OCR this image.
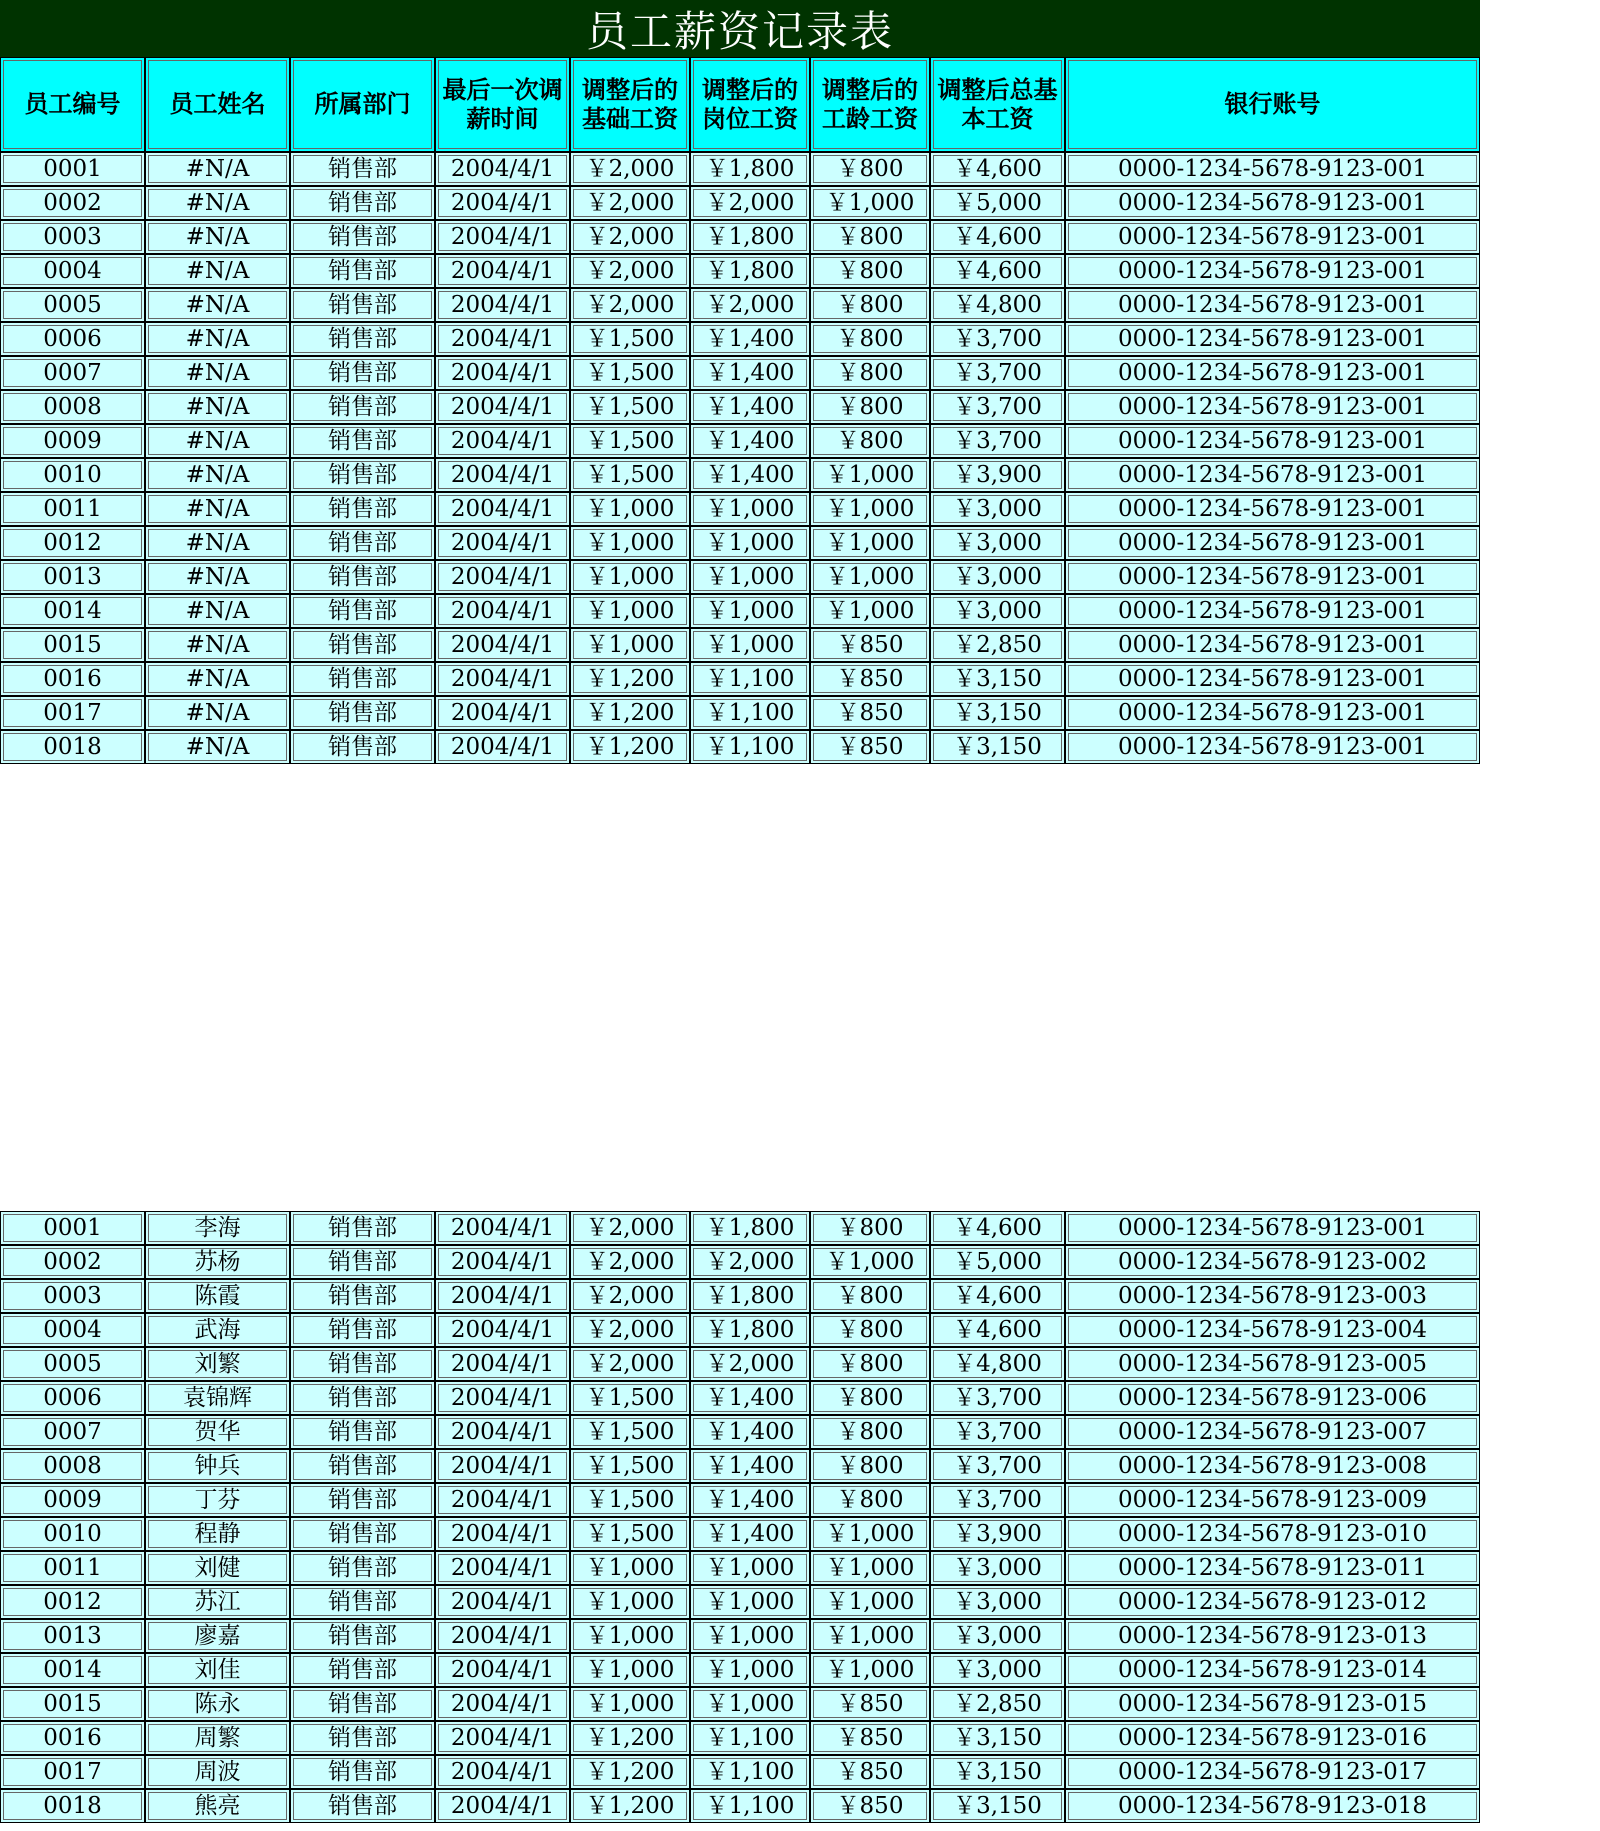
员工薪资记录表
员工编号	员工姓名	所属部门	最后一次调薪时间	调整后的基础工资	调整后的岗位工资	调整后的工龄工资	调整后总基本工资	银行账号
0001	#N/A	销售部	2004/4/1	￥2,000	￥1,800	￥800	￥4,600	0000-1234-5678-9123-001
0002	#N/A	销售部	2004/4/1	￥2,000	￥2,000	￥1,000	￥5,000	0000-1234-5678-9123-001
0003	#N/A	销售部	2004/4/1	￥2,000	￥1,800	￥800	￥4,600	0000-1234-5678-9123-001
0004	#N/A	销售部	2004/4/1	￥2,000	￥1,800	￥800	￥4,600	0000-1234-5678-9123-001
0005	#N/A	销售部	2004/4/1	￥2,000	￥2,000	￥800	￥4,800	0000-1234-5678-9123-001
0006	#N/A	销售部	2004/4/1	￥1,500	￥1,400	￥800	￥3,700	0000-1234-5678-9123-001
0007	#N/A	销售部	2004/4/1	￥1,500	￥1,400	￥800	￥3,700	0000-1234-5678-9123-001
0008	#N/A	销售部	2004/4/1	￥1,500	￥1,400	￥800	￥3,700	0000-1234-5678-9123-001
0009	#N/A	销售部	2004/4/1	￥1,500	￥1,400	￥800	￥3,700	0000-1234-5678-9123-001
0010	#N/A	销售部	2004/4/1	￥1,500	￥1,400	￥1,000	￥3,900	0000-1234-5678-9123-001
0011	#N/A	销售部	2004/4/1	￥1,000	￥1,000	￥1,000	￥3,000	0000-1234-5678-9123-001
0012	#N/A	销售部	2004/4/1	￥1,000	￥1,000	￥1,000	￥3,000	0000-1234-5678-9123-001
0013	#N/A	销售部	2004/4/1	￥1,000	￥1,000	￥1,000	￥3,000	0000-1234-5678-9123-001
0014	#N/A	销售部	2004/4/1	￥1,000	￥1,000	￥1,000	￥3,000	0000-1234-5678-9123-001
0015	#N/A	销售部	2004/4/1	￥1,000	￥1,000	￥850	￥2,850	0000-1234-5678-9123-001
0016	#N/A	销售部	2004/4/1	￥1,200	￥1,100	￥850	￥3,150	0000-1234-5678-9123-001
0017	#N/A	销售部	2004/4/1	￥1,200	￥1,100	￥850	￥3,150	0000-1234-5678-9123-001
0018	#N/A	销售部	2004/4/1	￥1,200	￥1,100	￥850	￥3,150	0000-1234-5678-9123-001
0001	李海	销售部	2004/4/1	￥2,000	￥1,800	￥800	￥4,600	0000-1234-5678-9123-001
0002	苏杨	销售部	2004/4/1	￥2,000	￥2,000	￥1,000	￥5,000	0000-1234-5678-9123-002
0003	陈霞	销售部	2004/4/1	￥2,000	￥1,800	￥800	￥4,600	0000-1234-5678-9123-003
0004	武海	销售部	2004/4/1	￥2,000	￥1,800	￥800	￥4,600	0000-1234-5678-9123-004
0005	刘繁	销售部	2004/4/1	￥2,000	￥2,000	￥800	￥4,800	0000-1234-5678-9123-005
0006	袁锦辉	销售部	2004/4/1	￥1,500	￥1,400	￥800	￥3,700	0000-1234-5678-9123-006
0007	贺华	销售部	2004/4/1	￥1,500	￥1,400	￥800	￥3,700	0000-1234-5678-9123-007
0008	钟兵	销售部	2004/4/1	￥1,500	￥1,400	￥800	￥3,700	0000-1234-5678-9123-008
0009	丁芬	销售部	2004/4/1	￥1,500	￥1,400	￥800	￥3,700	0000-1234-5678-9123-009
0010	程静	销售部	2004/4/1	￥1,500	￥1,400	￥1,000	￥3,900	0000-1234-5678-9123-010
0011	刘健	销售部	2004/4/1	￥1,000	￥1,000	￥1,000	￥3,000	0000-1234-5678-9123-011
0012	苏江	销售部	2004/4/1	￥1,000	￥1,000	￥1,000	￥3,000	0000-1234-5678-9123-012
0013	廖嘉	销售部	2004/4/1	￥1,000	￥1,000	￥1,000	￥3,000	0000-1234-5678-9123-013
0014	刘佳	销售部	2004/4/1	￥1,000	￥1,000	￥1,000	￥3,000	0000-1234-5678-9123-014
0015	陈永	销售部	2004/4/1	￥1,000	￥1,000	￥850	￥2,850	0000-1234-5678-9123-015
0016	周繁	销售部	2004/4/1	￥1,200	￥1,100	￥850	￥3,150	0000-1234-5678-9123-016
0017	周波	销售部	2004/4/1	￥1,200	￥1,100	￥850	￥3,150	0000-1234-5678-9123-017
0018	熊亮	销售部	2004/4/1	￥1,200	￥1,100	￥850	￥3,150	0000-1234-5678-9123-018
